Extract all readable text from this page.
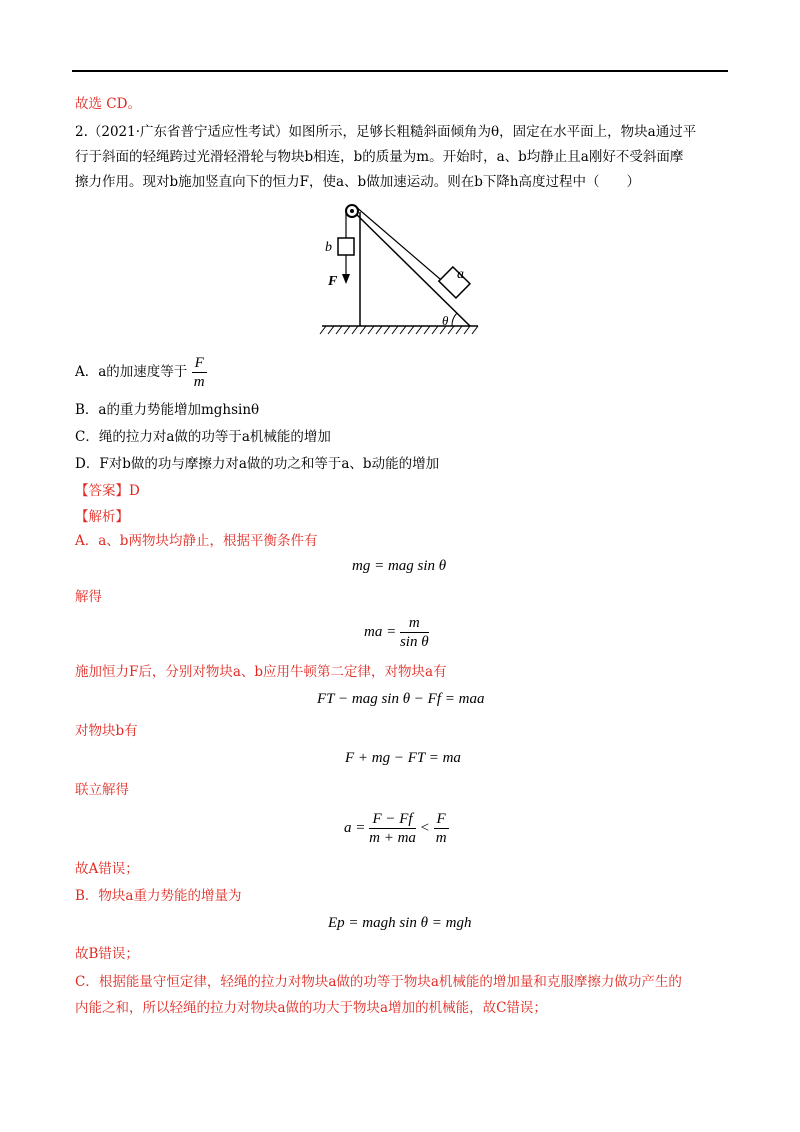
故选 CD。
2.（2021·广东省普宁适应性考试）如图所示，足够长粗糙斜面倾角为θ，固定在水平面上，物块a通过平
行于斜面的轻绳跨过光滑轻滑轮与物块b相连，b的质量为m。开始时，a、b均静止且a刚好不受斜面摩
擦力作用。现对b施加竖直向下的恒力F，使a、b做加速运动。则在b下降h高度过程中（　　）
b
F	a
θ
A．a的加速度等于 $\frac{F}{m}$
B．a的重力势能增加mghsinθ
C．绳的拉力对a做的功等于a机械能的增加
D．F对b做的功与摩擦力对a做的功之和等于a、b动能的增加
【答案】D
【解析】
A．a、b两物块均静止，根据平衡条件有
mg = mag sin θ
解得
ma = $\frac{m}{\text{sin θ}}$
施加恒力F后，分别对物块a、b应用牛顿第二定律，对物块a有
FT − mag sin θ − Ff = maa
对物块b有
F + mg − FT = ma
联立解得
$a = \frac{F - Ff}{m + ma} < \frac{F}{m}$
故A错误；
B．物块a重力势能的增量为
Ep = magh sin θ = mgh
故B错误；
C．根据能量守恒定律，轻绳的拉力对物块a做的功等于物块a机械能的增加量和克服摩擦力做功产生的
内能之和，所以轻绳的拉力对物块a做的功大于物块a增加的机械能，故C错误；
